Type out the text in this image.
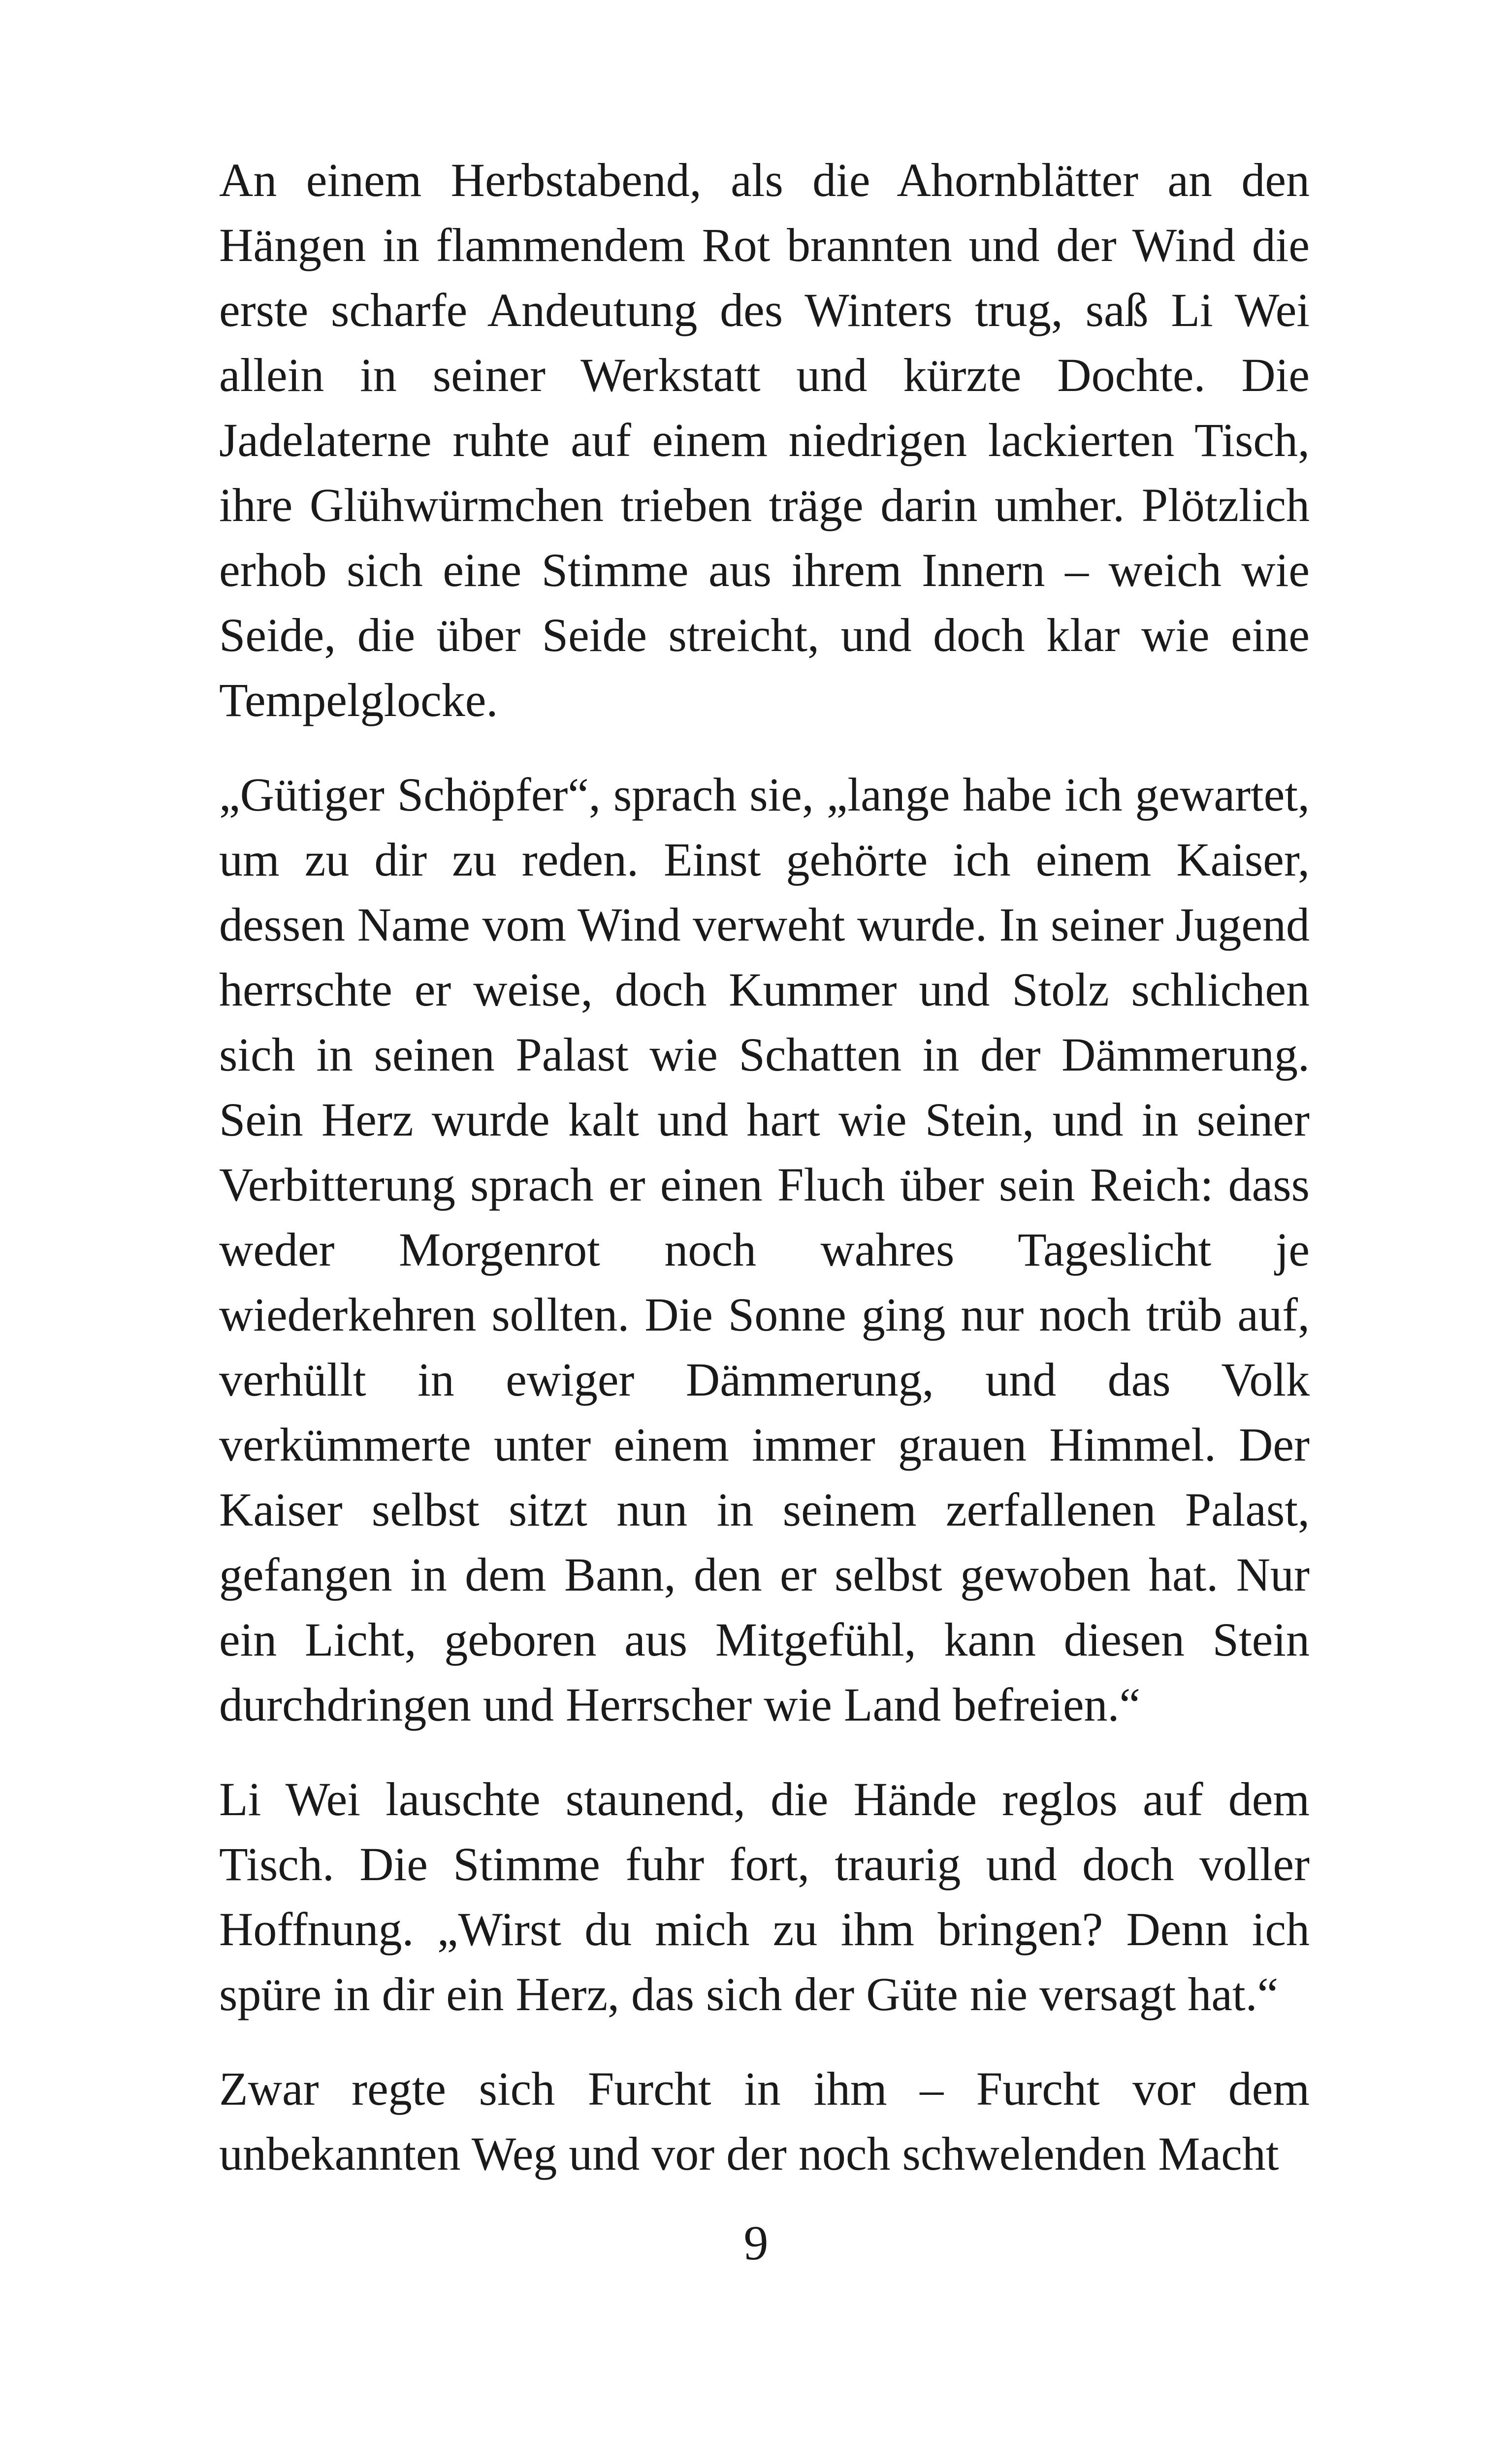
An einem Herbstabend, als die Ahornblätter an den Hängen in flammendem Rot brannten und der Wind die erste scharfe Andeutung des Winters trug, saß Li Wei allein in seiner Werkstatt und kürzte Dochte. Die Jadelaterne ruhte auf einem niedrigen lackierten Tisch, ihre Glühwürmchen trieben träge darin umher. Plötzlich erhob sich eine Stimme aus ihrem Innern – weich wie Seide, die über Seide streicht, und doch klar wie eine Tempelglocke.

„Gütiger Schöpfer“, sprach sie, „lange habe ich gewartet, um zu dir zu reden. Einst gehörte ich einem Kaiser, dessen Name vom Wind verweht wurde. In seiner Jugend herrschte er weise, doch Kummer und Stolz schlichen sich in seinen Palast wie Schatten in der Dämmerung. Sein Herz wurde kalt und hart wie Stein, und in seiner Verbitterung sprach er einen Fluch über sein Reich: dass weder Morgenrot noch wahres Tageslicht je wiederkehren sollten. Die Sonne ging nur noch trüb auf, verhüllt in ewiger Dämmerung, und das Volk verkümmerte unter einem immer grauen Himmel. Der Kaiser selbst sitzt nun in seinem zerfallenen Palast, gefangen in dem Bann, den er selbst gewoben hat. Nur ein Licht, geboren aus Mitgefühl, kann diesen Stein durchdringen und Herrscher wie Land befreien.“

Li Wei lauschte staunend, die Hände reglos auf dem Tisch. Die Stimme fuhr fort, traurig und doch voller Hoffnung. „Wirst du mich zu ihm bringen? Denn ich spüre in dir ein Herz, das sich der Güte nie versagt hat.“

Zwar regte sich Furcht in ihm – Furcht vor dem unbekannten Weg und vor der noch schwelenden Macht

9
